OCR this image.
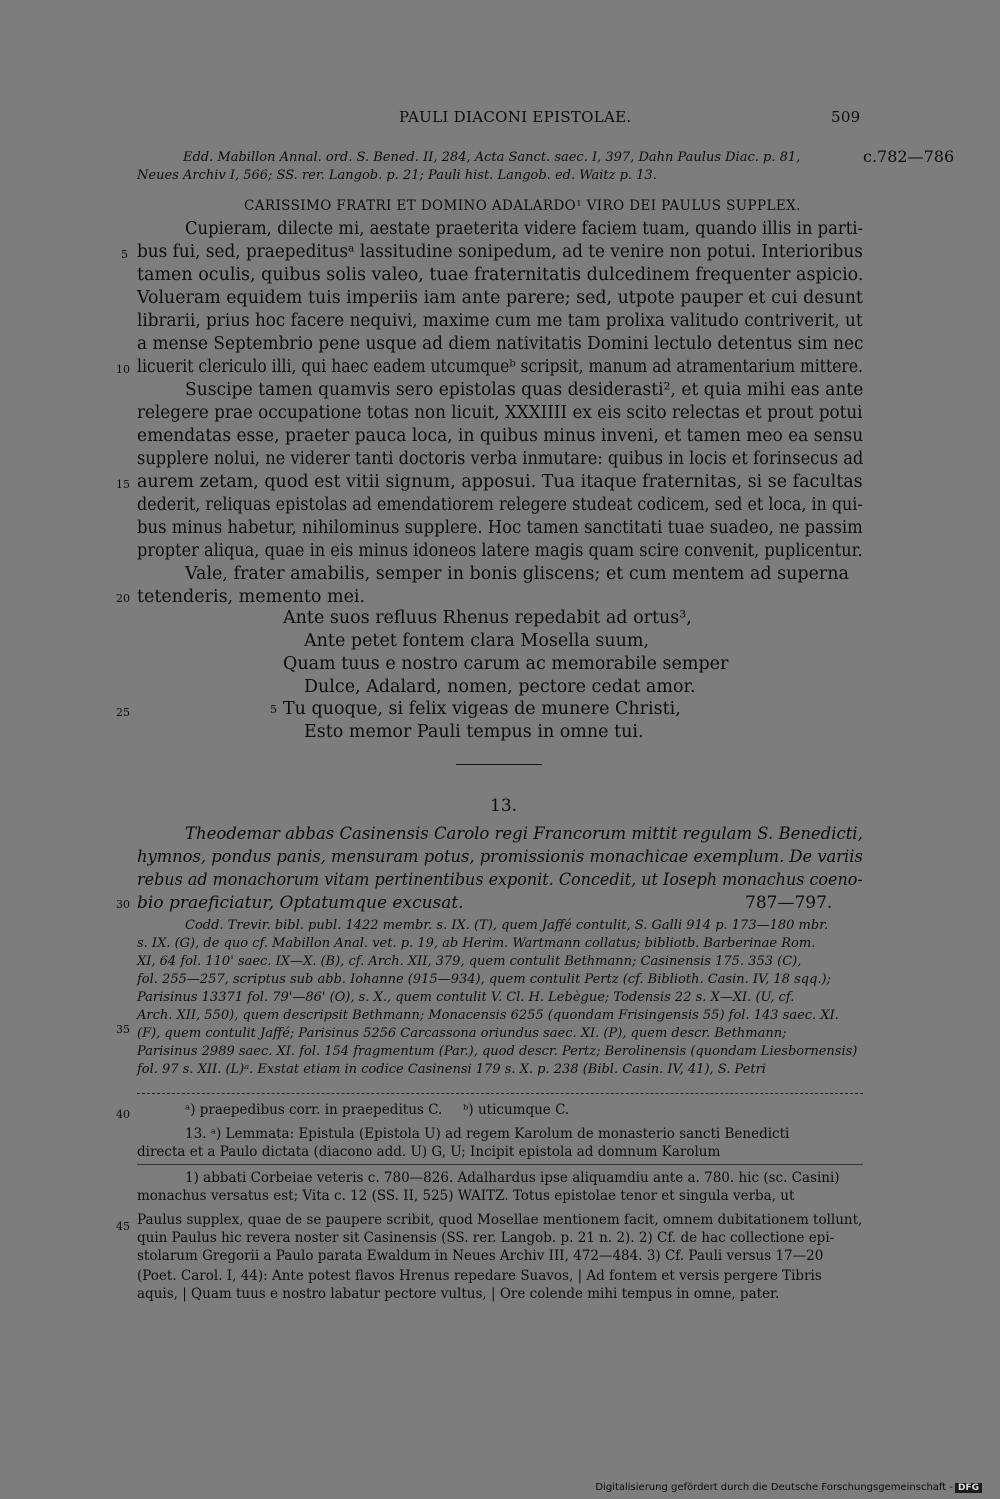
PAULI DIACONI EPISTOLAE.	509
Edd. Mabillon Annal. ord. S. Bened. II, 284, Acta Sanct. saec. I, 397, Dahn Paulus Diac. p. 81,	c.782—786
Neues Archiv I, 566; SS. rer. Langob. p. 21; Pauli hist. Langob. ed. Waitz p. 13.
CARISSIMO FRATRI ET DOMINO ADALARDO¹ VIRO DEI PAULUS SUPPLEX.
Cupieram, dilecte mi, aestate praeterita videre faciem tuam, quando illis in parti-
bus fui, sed, praepeditusᵃ lassitudine sonipedum, ad te venire non potui. Interioribus
tamen oculis, quibus solis valeo, tuae fraternitatis dulcedinem frequenter aspicio.
Volueram equidem tuis imperiis iam ante parere; sed, utpote pauper et cui desunt
librarii, prius hoc facere nequivi, maxime cum me tam prolixa valitudo contriverit, ut
a mense Septembrio pene usque ad diem nativitatis Domini lectulo detentus sim nec
licuerit clericulo illi, qui haec eadem utcumqueᵇ scripsit, manum ad atramentarium mittere.
Suscipe tamen quamvis sero epistolas quas desiderasti², et quia mihi eas ante
relegere prae occupatione totas non licuit, XXXIIII ex eis scito relectas et prout potui
emendatas esse, praeter pauca loca, in quibus minus inveni, et tamen meo ea sensu
supplere nolui, ne viderer tanti doctoris verba inmutare: quibus in locis et forinsecus ad
aurem zetam, quod est vitii signum, apposui. Tua itaque fraternitas, si se facultas
dederit, reliquas epistolas ad emendatiorem relegere studeat codicem, sed et loca, in qui-
bus minus habetur, nihilominus supplere. Hoc tamen sanctitati tuae suadeo, ne passim
propter aliqua, quae in eis minus idoneos latere magis quam scire convenit, puplicentur.
Vale, frater amabilis, semper in bonis gliscens; et cum mentem ad superna
tetenderis, memento mei.
Ante suos refluus Rhenus repedabit ad ortus³,
Ante petet fontem clara Mosella suum,
Quam tuus e nostro carum ac memorabile semper
Dulce, Adalard, nomen, pectore cedat amor.
5 Tu quoque, si felix vigeas de munere Christi,
Esto memor Pauli tempus in omne tui.
5
10
15
20
25
30
35
40
45
13.
Theodemar abbas Casinensis Carolo regi Francorum mittit regulam S. Benedicti,
hymnos, pondus panis, mensuram potus, promissionis monachicae exemplum. De variis
rebus ad monachorum vitam pertinentibus exponit. Concedit, ut Ioseph monachus coeno-
bio praeficiatur, Optatumque excusat.	787—797.
Codd. Trevir. bibl. publ. 1422 membr. s. IX. (T), quem Jaffé contulit, S. Galli 914 p. 173—180 mbr.
s. IX. (G), de quo cf. Mabillon Anal. vet. p. 19, ab Herim. Wartmann collatus; bibliotb. Barberinae Rom.
XI, 64 fol. 110' saec. IX—X. (B), cf. Arch. XII, 379, quem contulit Bethmann; Casinensis 175. 353 (C),
fol. 255—257, scriptus sub abb. Iohanne (915—934), quem contulit Pertz (cf. Biblioth. Casin. IV, 18 sqq.);
Parisinus 13371 fol. 79'—86' (O), s. X., quem contulit V. Cl. H. Lebègue; Todensis 22 s. X—XI. (U, cf.
Arch. XII, 550), quem descripsit Bethmann; Monacensis 6255 (quondam Frisingensis 55) fol. 143 saec. XI.
(F), quem contulit Jaffé; Parisinus 5256 Carcassona oriundus saec. XI. (P), quem descr. Bethmann;
Parisinus 2989 saec. XI. fol. 154 fragmentum (Par.), quod descr. Pertz; Berolinensis (quondam Liesbornensis)
fol. 97 s. XII. (L)ᵃ. Exstat etiam in codice Casinensi 179 s. X. p. 238 (Bibl. Casin. IV, 41), S. Petri
ᵃ) praepedibus corr. in praepeditus C. ᵇ) uticumque C.
13. ᵃ) Lemmata: Epistula (Epistola U) ad regem Karolum de monasterio sancti Benedicti
directa et a Paulo dictata (diacono add. U) G, U; Incipit epistola ad domnum Karolum
1) abbati Corbeiae veteris c. 780—826. Adalhardus ipse aliquamdiu ante a. 780. hic (sc. Casini)
monachus versatus est; Vita c. 12 (SS. II, 525) WAITZ. Totus epistolae tenor et singula verba, ut
Paulus supplex, quae de se paupere scribit, quod Mosellae mentionem facit, omnem dubitationem tollunt,
quin Paulus hic revera noster sit Casinensis (SS. rer. Langob. p. 21 n. 2). 2) Cf. de hac collectione epi-
stolarum Gregorii a Paulo parata Ewaldum in Neues Archiv III, 472—484. 3) Cf. Pauli versus 17—20
(Poet. Carol. I, 44): Ante potest flavos Hrenus repedare Suavos, | Ad fontem et versis pergere Tibris
aquis, | Quam tuus e nostro labatur pectore vultus, | Ore colende mihi tempus in omne, pater.
Digitalisierung gefördert durch die Deutsche Forschungsgemeinschaft - DFG
